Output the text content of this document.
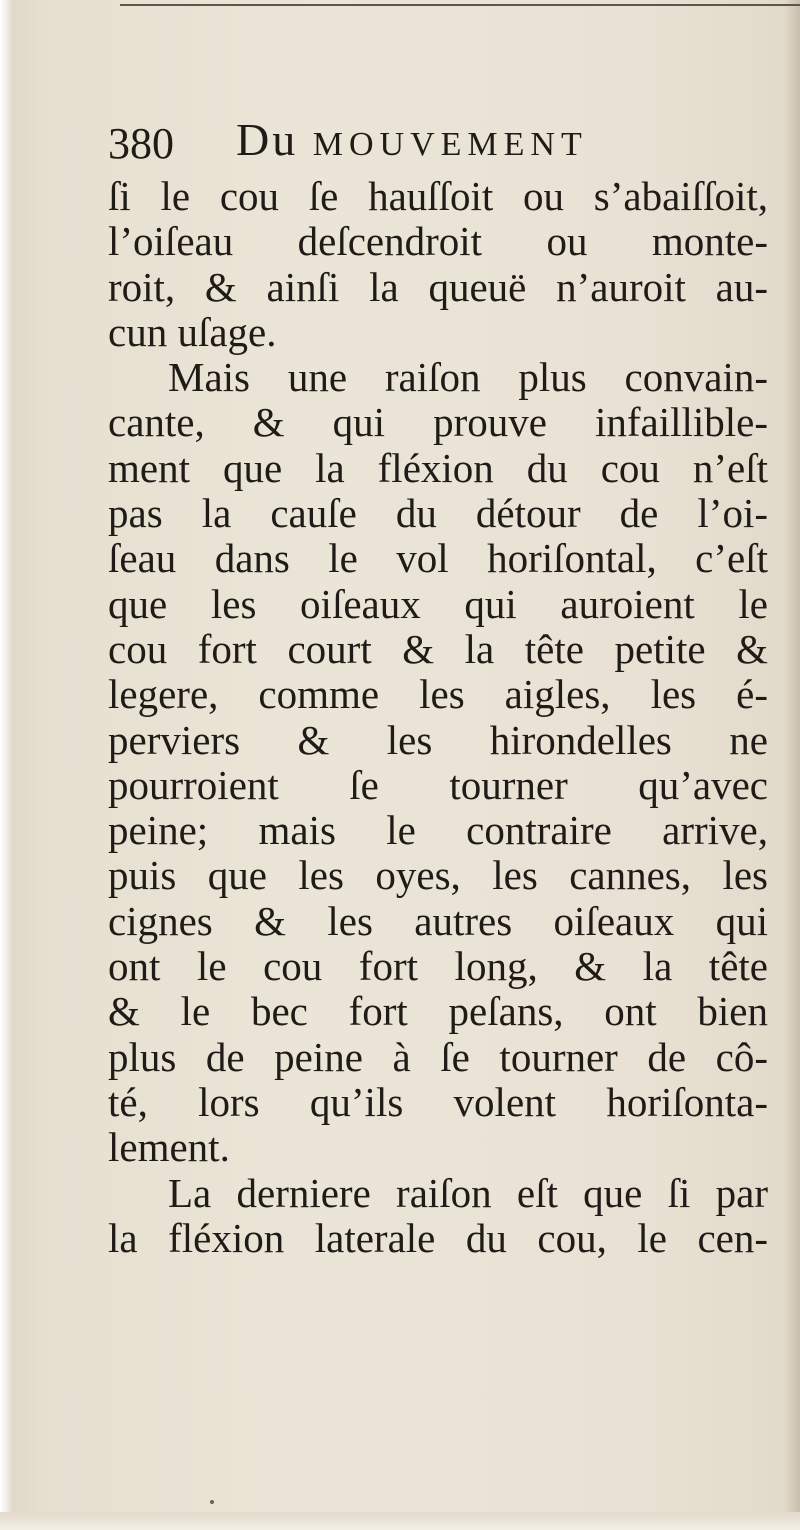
380 Du MOUVEMENT
ſi le cou ſe hauſſoit ou s’abaiſſoit,
l’oiſeau deſcendroit ou monte-
roit, & ainſi la queuë n’auroit au-
cun uſage.
Mais une raiſon plus convain-
cante, & qui prouve infailliblе-
ment que la fléxion du cou n’eſt
pas la cauſe du détour de l’oi-
ſeau dans le vol horiſontal, c’eſt
que les oiſeaux qui auroient le
cou fort court & la tête petite &
legere, comme les aigles, les é-
perviers & les hirondelles ne
pourroient ſe tourner qu’avec
peine; mais le contraire arrive,
puis que les oyes, les cannes, les
cignes & les autres oiſeaux qui
ont le cou fort long, & la tête
& le bec fort peſans, ont bien
plus de peine à ſe tourner de cô-
té, lors qu’ils volent horiſonta-
lement.
La derniere raiſon eſt que ſi par
la fléxion laterale du cou, le cen-
